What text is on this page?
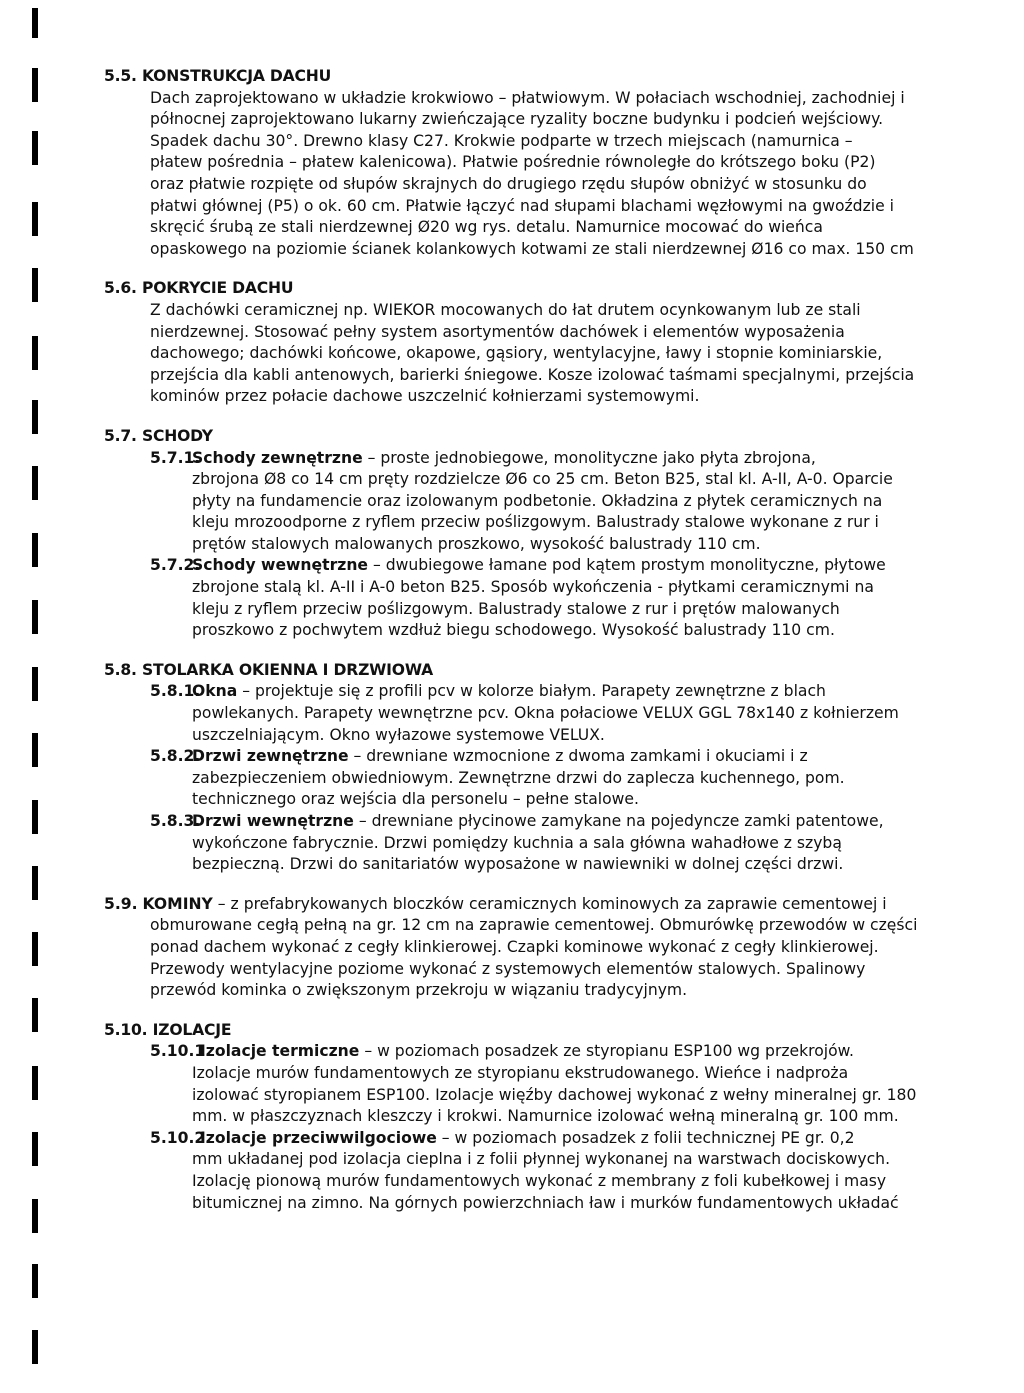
5.5. KONSTRUKCJA DACHU
Dach zaprojektowano w układzie krokwiowo – płatwiowym. W połaciach wschodniej, zachodniej i
północnej zaprojektowano lukarny zwieńczające ryzality boczne budynku i podcień wejściowy.
Spadek dachu 30°. Drewno klasy C27. Krokwie podparte w trzech miejscach (namurnica –
płatew pośrednia – płatew kalenicowa). Płatwie pośrednie równoległe do krótszego boku (P2)
oraz płatwie rozpięte od słupów skrajnych do drugiego rzędu słupów obniżyć w stosunku do
płatwi głównej (P5) o ok. 60 cm. Płatwie łączyć nad słupami blachami węzłowymi na gwoździe i
skręcić śrubą ze stali nierdzewnej Ø20 wg rys. detalu. Namurnice mocować do wieńca
opaskowego na poziomie ścianek kolankowych kotwami ze stali nierdzewnej Ø16 co max. 150 cm
5.6. POKRYCIE DACHU
Z dachówki ceramicznej np. WIEKOR mocowanych do łat drutem ocynkowanym lub ze stali
nierdzewnej. Stosować pełny system asortymentów dachówek i elementów wyposażenia
dachowego; dachówki końcowe, okapowe, gąsiory, wentylacyjne, ławy i stopnie kominiarskie,
przejścia dla kabli antenowych, barierki śniegowe. Kosze izolować taśmami specjalnymi, przejścia
kominów przez połacie dachowe uszczelnić kołnierzami systemowymi.
5.7. SCHODY
5.7.1.
Schody zewnętrzne – proste jednobiegowe, monolityczne jako płyta zbrojona,
zbrojona Ø8 co 14 cm pręty rozdzielcze Ø6 co 25 cm. Beton B25, stal kl. A-II, A-0. Oparcie
płyty na fundamencie oraz izolowanym podbetonie. Okładzina z płytek ceramicznych na
kleju mrozoodporne z ryflem przeciw poślizgowym. Balustrady stalowe wykonane z rur i
prętów stalowych malowanych proszkowo, wysokość balustrady 110 cm.
5.7.2.
Schody wewnętrzne – dwubiegowe łamane pod kątem prostym monolityczne, płytowe
zbrojone stalą kl. A-II i A-0 beton B25. Sposób wykończenia - płytkami ceramicznymi na
kleju z ryflem przeciw poślizgowym. Balustrady stalowe z rur i prętów malowanych
proszkowo z pochwytem wzdłuż biegu schodowego. Wysokość balustrady 110 cm.
5.8. STOLARKA OKIENNA I DRZWIOWA
5.8.1.
Okna – projektuje się z profili pcv w kolorze białym. Parapety zewnętrzne z blach
powlekanych. Parapety wewnętrzne pcv. Okna połaciowe VELUX GGL 78x140 z kołnierzem
uszczelniającym. Okno wyłazowe systemowe VELUX.
5.8.2.
Drzwi zewnętrzne – drewniane wzmocnione z dwoma zamkami i okuciami i z
zabezpieczeniem obwiedniowym. Zewnętrzne drzwi do zaplecza kuchennego, pom.
technicznego oraz wejścia dla personelu – pełne stalowe.
5.8.3.
Drzwi wewnętrzne – drewniane płycinowe zamykane na pojedyncze zamki patentowe,
wykończone fabrycznie. Drzwi pomiędzy kuchnia a sala główna wahadłowe z szybą
bezpieczną. Drzwi do sanitariatów wyposażone w nawiewniki w dolnej części drzwi.
5.9. KOMINY – z prefabrykowanych bloczków ceramicznych kominowych za zaprawie cementowej i
obmurowane cegłą pełną na gr. 12 cm na zaprawie cementowej. Obmurówkę przewodów w części
ponad dachem wykonać z cegły klinkierowej. Czapki kominowe wykonać z cegły klinkierowej.
Przewody wentylacyjne poziome wykonać z systemowych elementów stalowych. Spalinowy
przewód kominka o zwiększonym przekroju w wiązaniu tradycyjnym.
5.10. IZOLACJE
5.10.1.
Izolacje termiczne – w poziomach posadzek ze styropianu ESP100 wg przekrojów.
Izolacje murów fundamentowych ze styropianu ekstrudowanego. Wieńce i nadproża
izolować styropianem ESP100. Izolacje więźby dachowej wykonać z wełny mineralnej gr. 180
mm. w płaszczyznach kleszczy i krokwi. Namurnice izolować wełną mineralną gr. 100 mm.
5.10.2.
Izolacje przeciwwilgociowe – w poziomach posadzek z folii technicznej PE gr. 0,2
mm układanej pod izolacja cieplna i z folii płynnej wykonanej na warstwach dociskowych.
Izolację pionową murów fundamentowych wykonać z membrany z foli kubełkowej i masy
bitumicznej na zimno. Na górnych powierzchniach ław i murków fundamentowych układać
